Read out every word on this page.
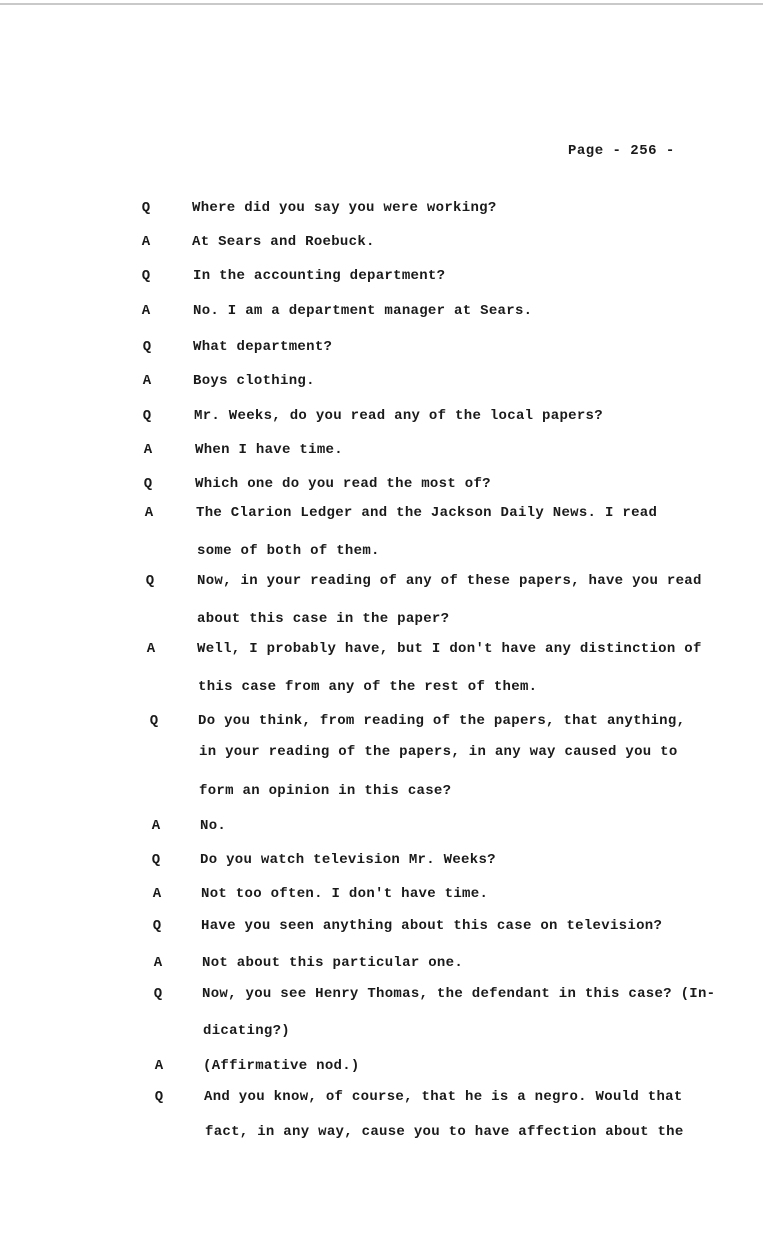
Page - 256 -
Q	Where did you say you were working?
A	At Sears and Roebuck.
Q	In the accounting department?
A	No. I am a department manager at Sears.
Q	What department?
A	Boys clothing.
Q	Mr. Weeks, do you read any of the local papers?
A	When I have time.
Q	Which one do you read the most of?
A	The Clarion Ledger and the Jackson Daily News. I read
some of both of them.
Q	Now, in your reading of any of these papers, have you read
about this case in the paper?
A	Well, I probably have, but I don't have any distinction of
this case from any of the rest of them.
Q	Do you think, from reading of the papers, that anything,
in your reading of the papers, in any way caused you to
form an opinion in this case?
A	No.
Q	Do you watch television Mr. Weeks?
A	Not too often. I don't have time.
Q	Have you seen anything about this case on television?
A	Not about this particular one.
Q	Now, you see Henry Thomas, the defendant in this case? (In-
dicating?)
A	(Affirmative nod.)
Q	And you know, of course, that he is a negro. Would that
fact, in any way, cause you to have affection about the
